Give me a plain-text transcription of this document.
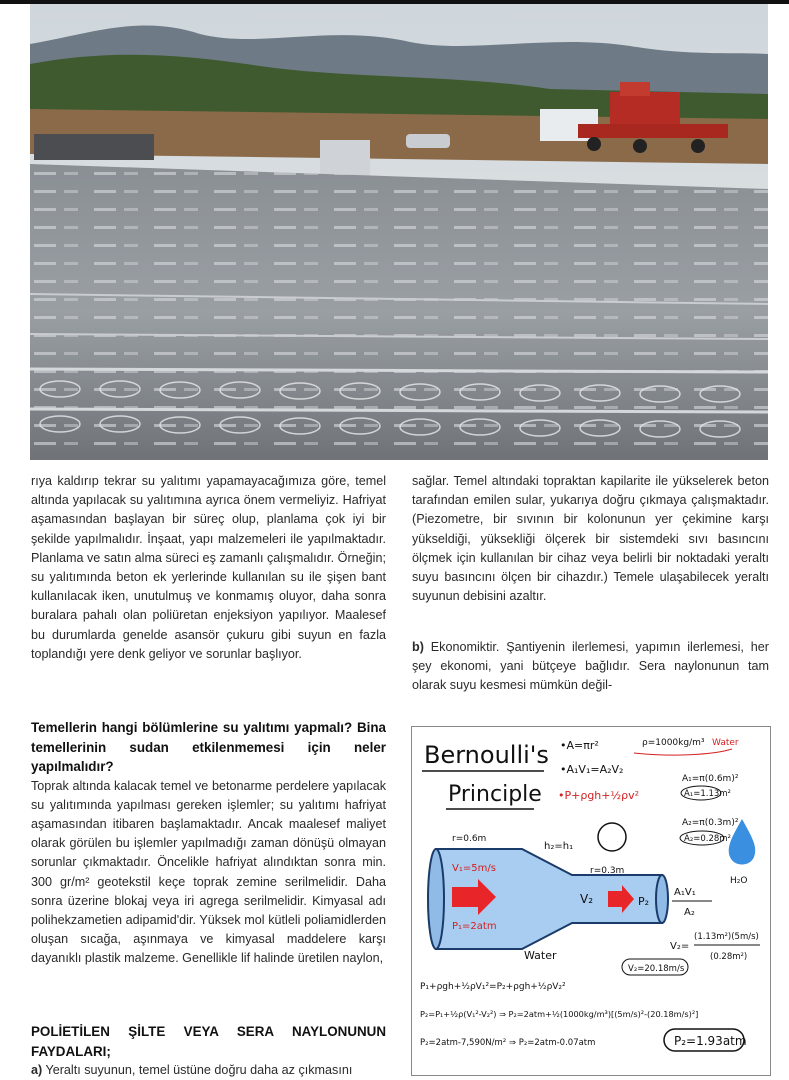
rıya kaldırıp tekrar su yalıtımı yapamayacağımıza göre, temel altında yapılacak su yalıtımına ayrıca önem vermeliyiz. Hafriyat aşamasından başlayan bir süreç olup, planlama çok iyi bir şekilde yapılmalıdır. İnşaat, yapı malzemeleri ile yapılmaktadır. Planlama ve satın alma süreci eş zamanlı çalışmalıdır. Örneğin; su yalıtımında beton ek yerlerinde kullanılan su ile şişen bant kullanılacak iken, unutulmuş ve konmamış oluyor, daha sonra buralara pahalı olan poliüretan enjeksiyon yapılıyor. Maalesef bu durumlarda genelde asansör çukuru gibi suyun en fazla toplandığı yere denk geliyor ve sorunlar başlıyor.

Temellerin hangi bölümlerine su yalıtımı yapmalı? Bina temellerinin sudan etkilenmemesi için neler yapılmalıdır?

Toprak altında kalacak temel ve betonarme perdelere yapılacak su yalıtımında yapılması gereken işlemler; su yalıtımı hafriyat aşamasından itibaren başlamaktadır. Ancak maalesef maliyet olarak görülen bu işlemler yapılmadığı zaman dönüşü olmayan sorunlar çıkmaktadır. Öncelikle hafriyat alındıktan sonra min. 300 gr/m² geotekstil keçe toprak zemine serilmelidir. Daha sonra üzerine blokaj veya iri agrega serilmelidir. Kimyasal adı polihekzametien adipamid'dir. Yüksek mol kütleli poliamidlerden oluşan sıcağa, aşınmaya ve kimyasal maddelere karşı dayanıklı plastik malzeme. Genellikle lif halinde üretilen naylon,

POLİETİLEN ŞİLTE VEYA SERA NAYLONUNUN FAYDALARI;

a) Yeraltı suyunun, temel üstüne doğru daha az çıkmasını

sağlar. Temel altındaki topraktan kapilarite ile yükselerek beton tarafından emilen sular, yukarıya doğru çıkmaya çalışmaktadır. (Piezometre, bir sıvının bir kolonunun yer çekimine karşı yükseldiği, yüksekliği ölçerek bir sistemdeki sıvı basıncını ölçmek için kullanılan bir cihaz veya belirli bir noktadaki yeraltı suyu basıncını ölçen bir cihazdır.) Temele ulaşabilecek yeraltı suyunun debisini azaltır.

b) Ekonomiktir. Şantiyenin ilerlemesi, yapımın ilerlemesi, her şey ekonomi, yani bütçeye bağlıdır. Sera naylonunun tam olarak suyu kesmesi mümkün değil-

Bernoulli's
Principle
•A=πr²
•A₁V₁=A₂V₂
•P+ρgh+½ρv²
ρ=1000kg/m³ Water
A₁=π(0.6m)²
A₁=1.13m²
A₂=π(0.3m)²
A₂=0.28m²
r=0.6m
h₂=h₁
r=0.3m
V₁=5m/s
P₁=2atm
V₂	P₂
Water
H₂O
A₁V₁
A₂
V₂=
(1.13m²)(5m/s)
(0.28m²)
V₂=20.18m/s
P₁+ρgh+½ρV₁²=P₂+ρgh+½ρV₂²
P₂=P₁+½ρ(V₁²-V₂²) ⇒ P₂=2atm+½(1000kg/m³)[(5m/s)²-(20.18m/s)²]
P₂=2atm-7,590N/m² ⇒ P₂=2atm-0.07atm	P₂=1.93atm
